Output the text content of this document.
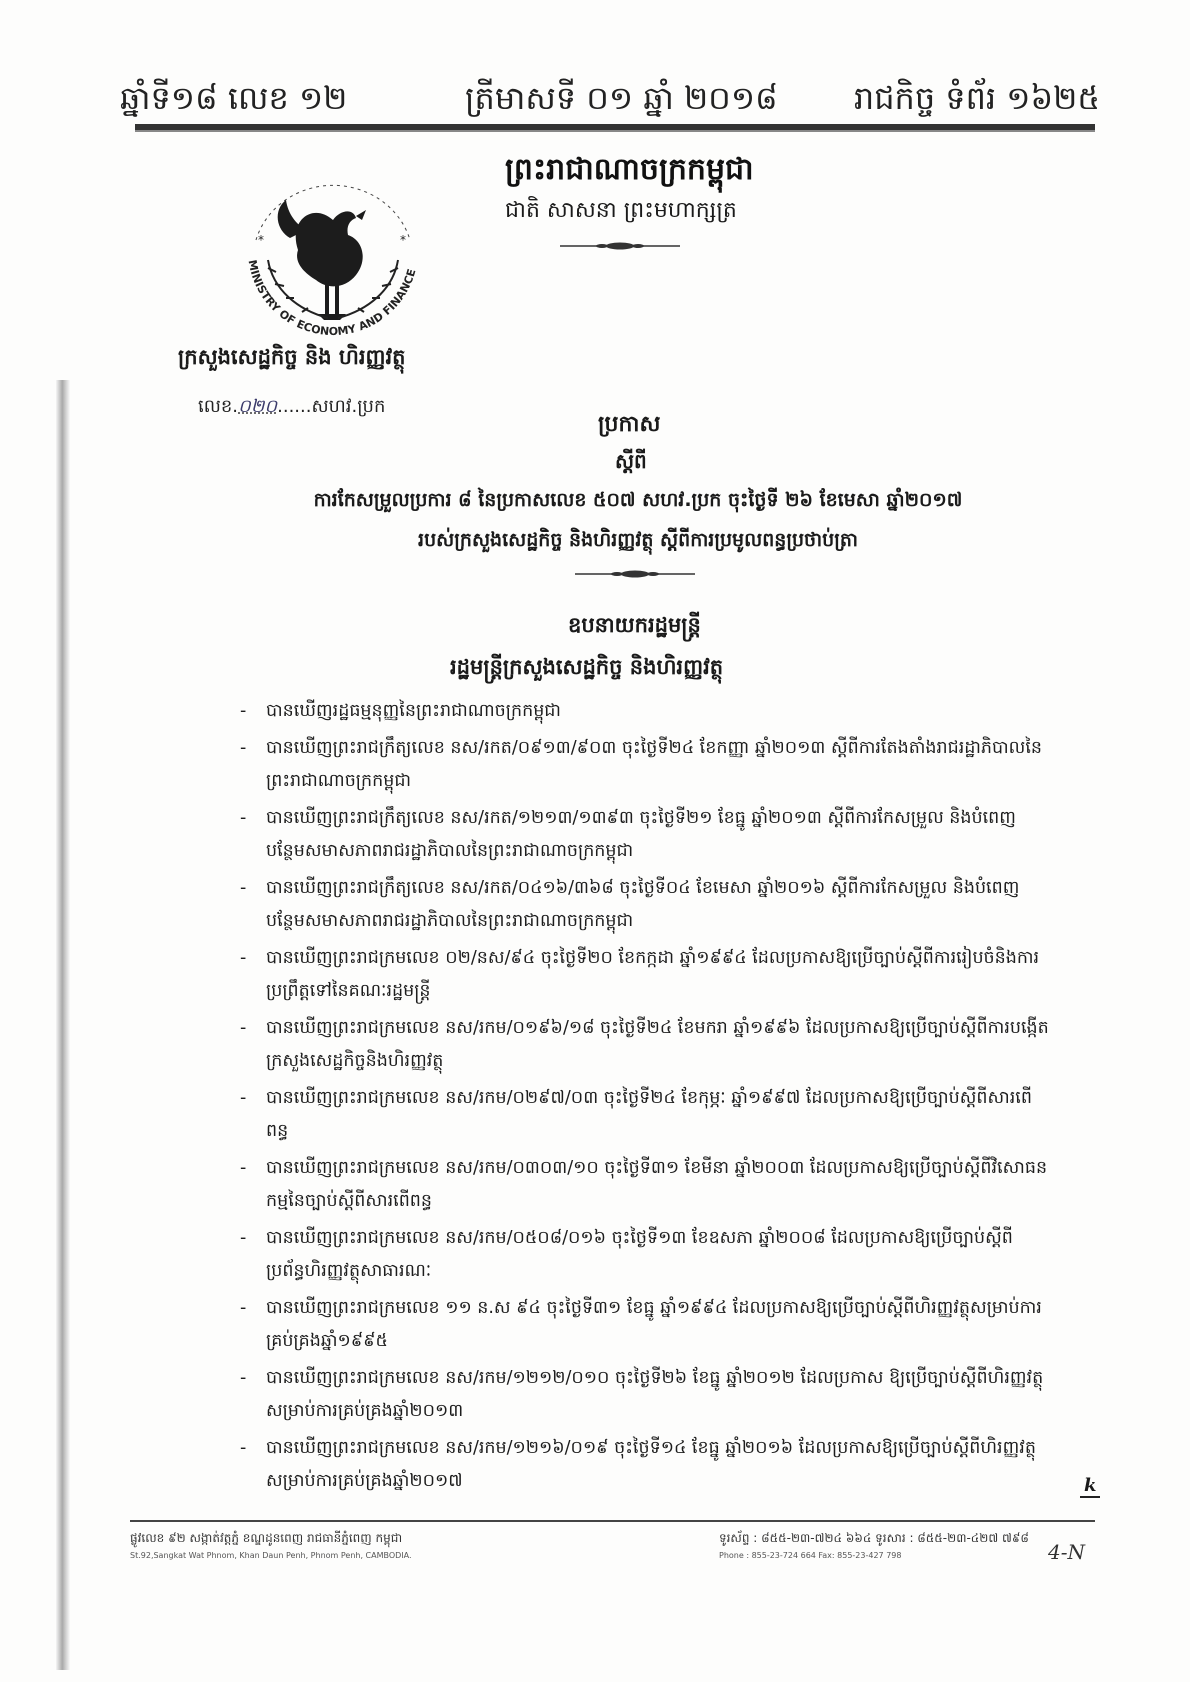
ឆ្នាំទី១៨ លេខ ១២	ត្រីមាសទី ០១ ឆ្នាំ ២០១៨ រាជកិច្ច ទំព័រ ១៦២៥
ព្រះរាជាណាចក្រកម្ពុជា
ជាតិ សាសនា ព្រះមហាក្សត្រ
MINISTRY OF ECONOMY AND FINANCE
*	*
ក្រសួងសេដ្ឋកិច្ច និង ហិរញ្ញវត្ថុ
លេខ.០២០......សហវ.ប្រក
ប្រកាស
ស្តីពី
ការកែសម្រួលប្រការ ៨ នៃប្រកាសលេខ ៥០៧ សហវ.ប្រក ចុះថ្ងៃទី ២៦ ខែមេសា ឆ្នាំ២០១៧
របស់ក្រសួងសេដ្ឋកិច្ច និងហិរញ្ញវត្ថុ ស្តីពីការប្រមូលពន្ធប្រថាប់ត្រា
ឧបនាយករដ្ឋមន្ត្រី
រដ្ឋមន្ត្រីក្រសួងសេដ្ឋកិច្ច និងហិរញ្ញវត្ថុ
- បានឃើញរដ្ឋធម្មនុញ្ញនៃព្រះរាជាណាចក្រកម្ពុជា
- បានឃើញព្រះរាជក្រឹត្យលេខ នស/រកត/០៩១៣/៩០៣ ចុះថ្ងៃទី២៤ ខែកញ្ញា ឆ្នាំ២០១៣ ស្តីពីការតែងតាំងរាជរដ្ឋាភិបាលនៃព្រះរាជាណាចក្រកម្ពុជា
- បានឃើញព្រះរាជក្រឹត្យលេខ នស/រកត/១២១៣/១៣៩៣ ចុះថ្ងៃទី២១ ខែធ្នូ ឆ្នាំ២០១៣ ស្តីពីការកែសម្រួល និងបំពេញបន្ថែមសមាសភាពរាជរដ្ឋាភិបាលនៃព្រះរាជាណាចក្រកម្ពុជា
- បានឃើញព្រះរាជក្រឹត្យលេខ នស/រកត/០៤១៦/៣៦៨ ចុះថ្ងៃទី០៤ ខែមេសា ឆ្នាំ២០១៦ ស្តីពីការកែសម្រួល និងបំពេញបន្ថែមសមាសភាពរាជរដ្ឋាភិបាលនៃព្រះរាជាណាចក្រកម្ពុជា
- បានឃើញព្រះរាជក្រមលេខ ០២/នស/៩៤ ចុះថ្ងៃទី២០ ខែកក្កដា ឆ្នាំ១៩៩៤ ដែលប្រកាសឱ្យប្រើច្បាប់ស្តីពីការរៀបចំនិងការប្រព្រឹត្តទៅនៃគណៈរដ្ឋមន្ត្រី
- បានឃើញព្រះរាជក្រមលេខ នស/រកម/០១៩៦/១៨ ចុះថ្ងៃទី២៤ ខែមករា ឆ្នាំ១៩៩៦ ដែលប្រកាសឱ្យប្រើច្បាប់ស្តីពីការបង្កើតក្រសួងសេដ្ឋកិច្ចនិងហិរញ្ញវត្ថុ
- បានឃើញព្រះរាជក្រមលេខ នស/រកម/០២៩៧/០៣ ចុះថ្ងៃទី២៤ ខែកុម្ភៈ ឆ្នាំ១៩៩៧ ដែលប្រកាសឱ្យប្រើច្បាប់ស្តីពីសារពើពន្ធ
- បានឃើញព្រះរាជក្រមលេខ នស/រកម/០៣០៣/១០ ចុះថ្ងៃទី៣១ ខែមីនា ឆ្នាំ២០០៣ ដែលប្រកាសឱ្យប្រើច្បាប់ស្តីពីវិសោធនកម្មនៃច្បាប់ស្តីពីសារពើពន្ធ
- បានឃើញព្រះរាជក្រមលេខ នស/រកម/០៥០៨/០១៦ ចុះថ្ងៃទី១៣ ខែឧសភា ឆ្នាំ២០០៨ ដែលប្រកាសឱ្យប្រើច្បាប់ស្តីពីប្រព័ន្ធហិរញ្ញវត្ថុសាធារណៈ
- បានឃើញព្រះរាជក្រមលេខ ១១ ន.ស ៩៤ ចុះថ្ងៃទី៣១ ខែធ្នូ ឆ្នាំ១៩៩៤ ដែលប្រកាសឱ្យប្រើច្បាប់ស្តីពីហិរញ្ញវត្ថុសម្រាប់ការគ្រប់គ្រងឆ្នាំ១៩៩៥
- បានឃើញព្រះរាជក្រមលេខ នស/រកម/១២១២/០១០ ចុះថ្ងៃទី២៦ ខែធ្នូ ឆ្នាំ២០១២ ដែលប្រកាស ឱ្យប្រើច្បាប់ស្តីពីហិរញ្ញវត្ថុសម្រាប់ការគ្រប់គ្រងឆ្នាំ២០១៣
- បានឃើញព្រះរាជក្រមលេខ នស/រកម/១២១៦/០១៩ ចុះថ្ងៃទី១៤ ខែធ្នូ ឆ្នាំ២០១៦ ដែលប្រកាសឱ្យប្រើច្បាប់ស្តីពីហិរញ្ញវត្ថុសម្រាប់ការគ្រប់គ្រងឆ្នាំ២០១៧	k
ផ្លូវលេខ ៩២ សង្កាត់វត្តភ្នំ ខណ្ឌដូនពេញ រាជធានីភ្នំពេញ កម្ពុជា
St.92,Sangkat Wat Phnom, Khan Daun Penh, Phnom Penh, CAMBODIA.
ទូរស័ព្ទ : ៨៥៥-២៣-៧២៤ ៦៦៤ ទូរសារ : ៨៥៥-២៣-៤២៧ ៧៩៨
Phone : 855-23-724 664 Fax: 855-23-427 798	4-N
